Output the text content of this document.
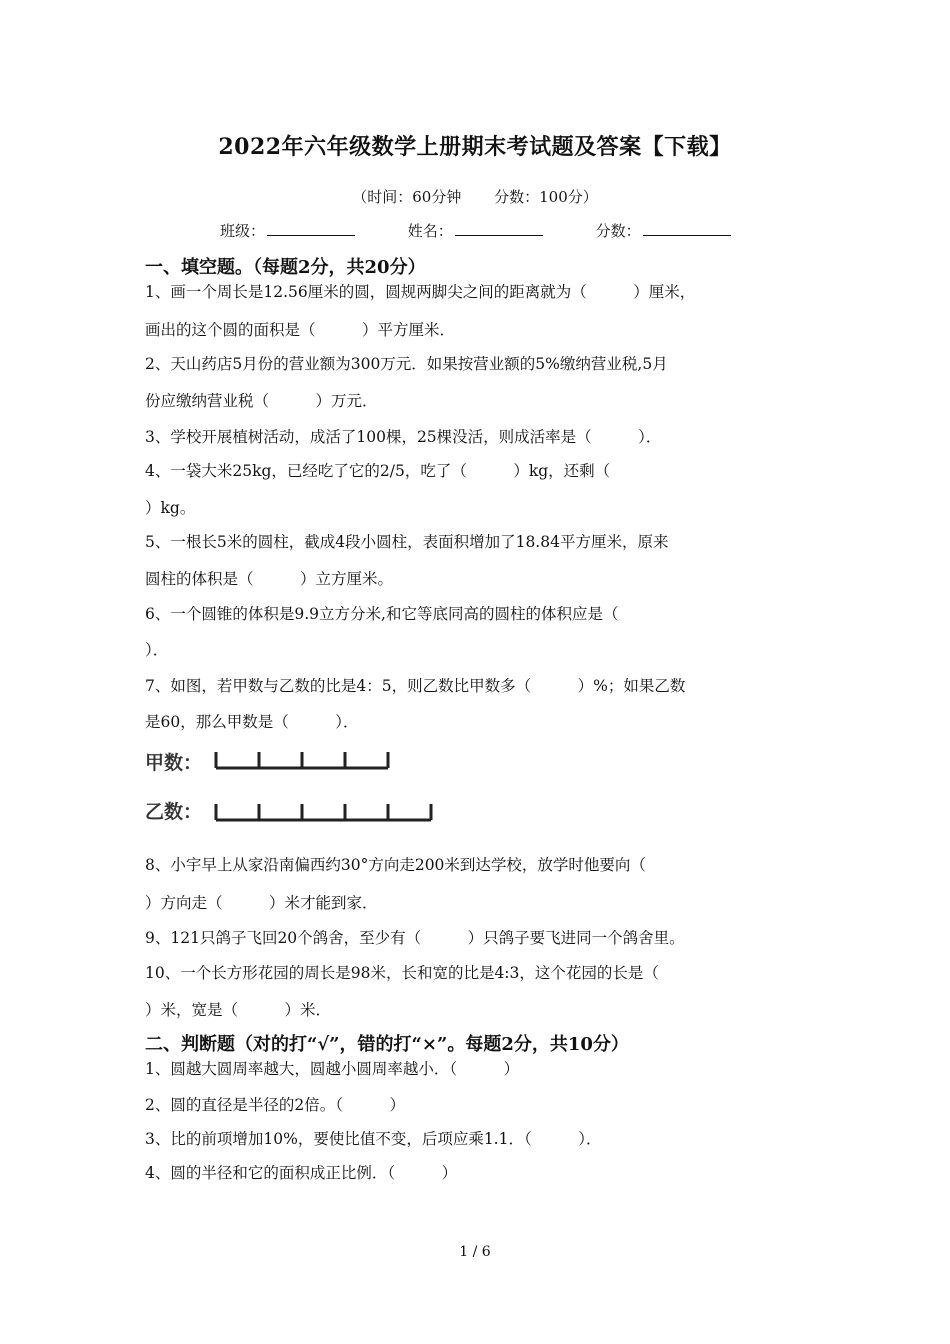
2022年六年级数学上册期末考试题及答案【下载】
（时间：60分钟 分数：100分）
班级：	姓名：	分数：
一、填空题。（每题2分，共20分）
1、画一个周长是12.56厘米的圆，圆规两脚尖之间的距离就为（　　　）厘米，
画出的这个圆的面积是（　　　）平方厘米．
2、天山药店5月份的营业额为300万元．如果按营业额的5%缴纳营业税,5月
份应缴纳营业税（　　　）万元．
3、学校开展植树活动，成活了100棵，25棵没活，则成活率是（　　　）．
4、一袋大米25kg，已经吃了它的2/5，吃了（　　　）kg，还剩（
）kg。
5、一根长5米的圆柱，截成4段小圆柱，表面积增加了18.84平方厘米，原来
圆柱的体积是（　　　）立方厘米。
6、一个圆锥的体积是9.9立方分米,和它等底同高的圆柱的体积应是（
）．
7、如图，若甲数与乙数的比是4：5，则乙数比甲数多（　　　）%；如果乙数
是60，那么甲数是（　　　）．
甲数：
乙数：
8、小宇早上从家沿南偏西约30°方向走200米到达学校，放学时他要向（
）方向走（　　　）米才能到家．
9、121只鸽子飞回20个鸽舍，至少有（　　　）只鸽子要飞进同一个鸽舍里。
10、一个长方形花园的周长是98米，长和宽的比是4:3，这个花园的长是（
）米，宽是（　　　）米．
二、判断题（对的打“√”，错的打“×”。每题2分，共10分）
1、圆越大圆周率越大，圆越小圆周率越小．（　　　）
2、圆的直径是半径的2倍。（　　　）
3、比的前项增加10%，要使比值不变，后项应乘1.1．（　　　）．
4、圆的半径和它的面积成正比例．（　　　）
1 / 6
